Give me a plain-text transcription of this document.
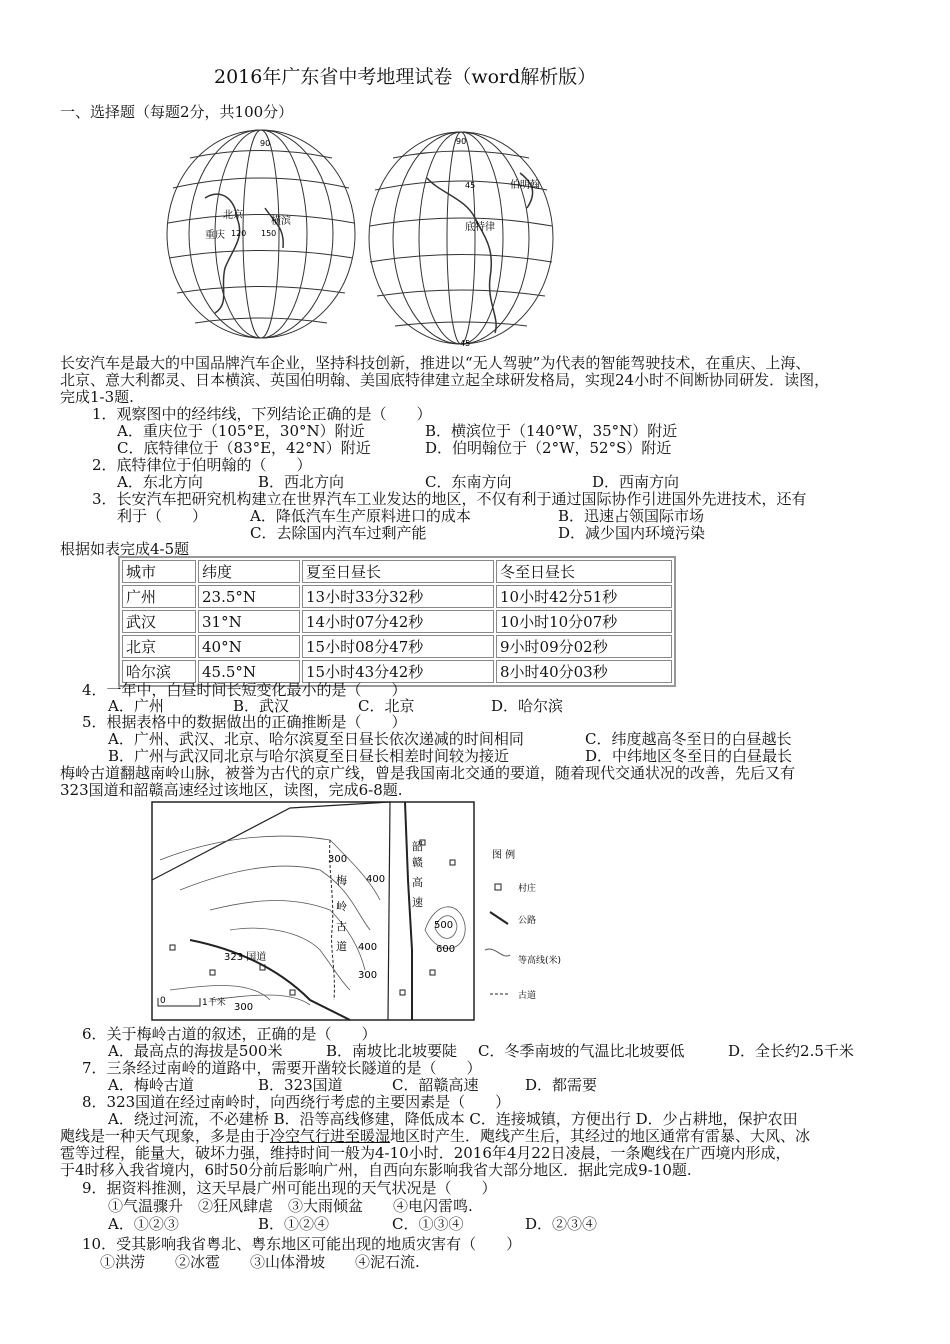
2016年广东省中考地理试卷（word解析版）
一、选择题（每题2分，共100分）
90
北京
横滨
重庆 120 150
45	伯明翰
底特律
90
45
长安汽车是最大的中国品牌汽车企业，坚持科技创新，推进以“无人驾驶”为代表的智能驾驶技术，在重庆、上海、
北京、意大利都灵、日本横滨、英国伯明翰、美国底特律建立起全球研发格局，实现24小时不间断协同研发．读图，
完成1-3题.
1．观察图中的经纬线，下列结论正确的是（　　）
A．重庆位于（105°E，30°N）附近	B．横滨位于（140°W，35°N）附近
C．底特律位于（83°E，42°N）附近	D．伯明翰位于（2°W，52°S）附近
2．底特律位于伯明翰的（　　）
A．东北方向	B．西北方向	C．东南方向	D．西南方向
3．长安汽车把研究机构建立在世界汽车工业发达的地区，不仅有利于通过国际协作引进国外先进技术，还有
利于（　　）	A．降低汽车生产原料进口的成本	B．迅速占领国际市场
C．去除国内汽车过剩产能	D．减少国内环境污染
根据如表完成4-5题
城市	纬度	夏至日昼长	冬至日昼长
广州	23.5°N	13小时33分32秒	10小时42分51秒
武汉	31°N	14小时07分42秒	10小时10分07秒
北京	40°N	15小时08分47秒	9小时09分02秒
哈尔滨	45.5°N	15小时43分42秒	8小时40分03秒
4．一年中，白昼时间长短变化最小的是（　　）
A．广州	B．武汉	C．北京	D．哈尔滨
5．根据表格中的数据做出的正确推断是（　　）
A．广州、武汉、北京、哈尔滨夏至日昼长依次递减的时间相同	C．纬度越高冬至日的白昼越长
B．广州与武汉同北京与哈尔滨夏至日昼长相差时间较为接近	D．中纬地区冬至日的白昼最长
梅岭古道翻越南岭山脉，被誉为古代的京广线，曾是我国南北交通的要道，随着现代交通状况的改善，先后又有
323国道和韶赣高速经过该地区，读图，完成6-8题.
300
400
400
500
600
300
300
323 国道
韶
赣
高
速
梅
岭
古
道
0	1千米
图 例
村庄
公路
等高线(米)
古道
6．关于梅岭古道的叙述，正确的是（　　）
A．最高点的海拔是500米	B．南坡比北坡要陡 C．冬季南坡的气温比北坡要低	D．全长约2.5千米
7．三条经过南岭的道路中，需要开凿较长隧道的是（　　）
A．梅岭古道	B．323国道	C．韶赣高速	D．都需要
8．323国道在经过南岭时，向西绕行考虑的主要因素是（　　）
A．绕过河流，不必建桥 B．沿等高线修建，降低成本 C．连接城镇，方便出行 D．少占耕地，保护农田
飑线是一种天气现象，多是由于冷空气行进至暖湿地区时产生．飑线产生后，其经过的地区通常有雷暴、大风、冰
雹等过程，能量大，破坏力强，维持时间一般为4-10小时．2016年4月22日凌晨，一条飑线在广西境内形成，
于4时移入我省境内，6时50分前后影响广州，自西向东影响我省大部分地区．据此完成9-10题.
9．据资料推测，这天早晨广州可能出现的天气状况是（　　）
①气温骤升　②狂风肆虐　③大雨倾盆　　④电闪雷鸣.
A．①②③	B．①②④	C．①③④	D．②③④
10．受其影响我省粤北、粤东地区可能出现的地质灾害有（　　）
①洪涝　　②冰雹　　③山体滑坡　　④泥石流.
